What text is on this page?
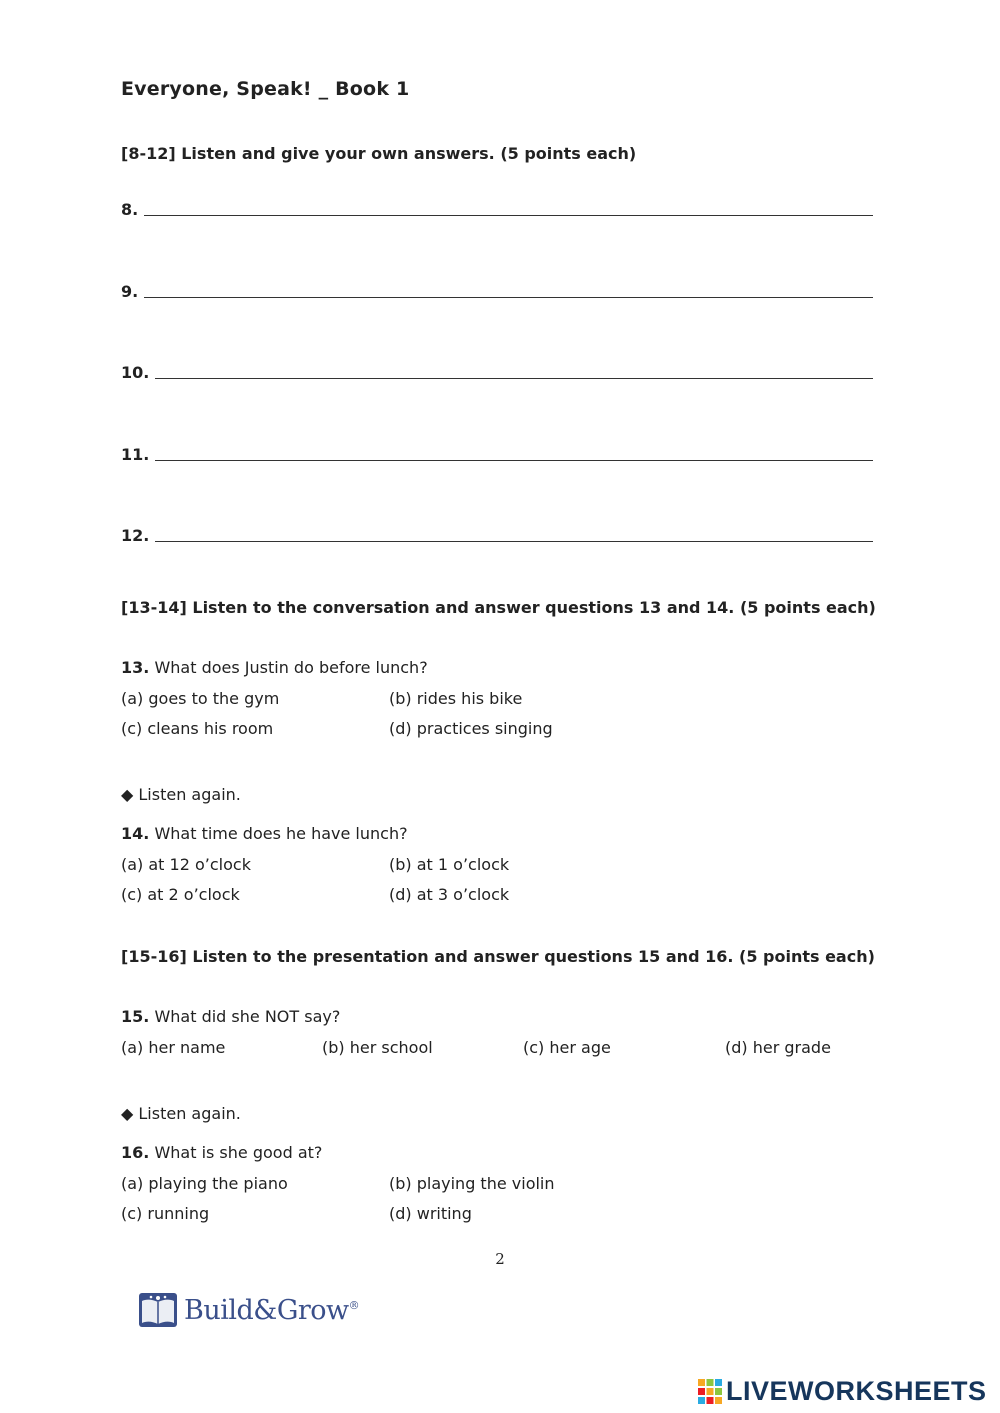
Everyone, Speak! _ Book 1
[8-12] Listen and give your own answers. (5 points each)
8.
9.
10.
11.
12.
[13-14] Listen to the conversation and answer questions 13 and 14. (5 points each)
13. What does Justin do before lunch?
(a) goes to the gym	(b) rides his bike
(c) cleans his room	(d) practices singing
◆ Listen again.
14. What time does he have lunch?
(a) at 12 o’clock	(b) at 1 o’clock
(c) at 2 o’clock	(d) at 3 o’clock
[15-16] Listen to the presentation and answer questions 15 and 16. (5 points each)
15. What did she NOT say?
(a) her name	(b) her school	(c) her age	(d) her grade
◆ Listen again.
16. What is she good at?
(a) playing the piano	(b) playing the violin
(c) running	(d) writing
2
Build&Grow®
LIVEWORKSHEETS
